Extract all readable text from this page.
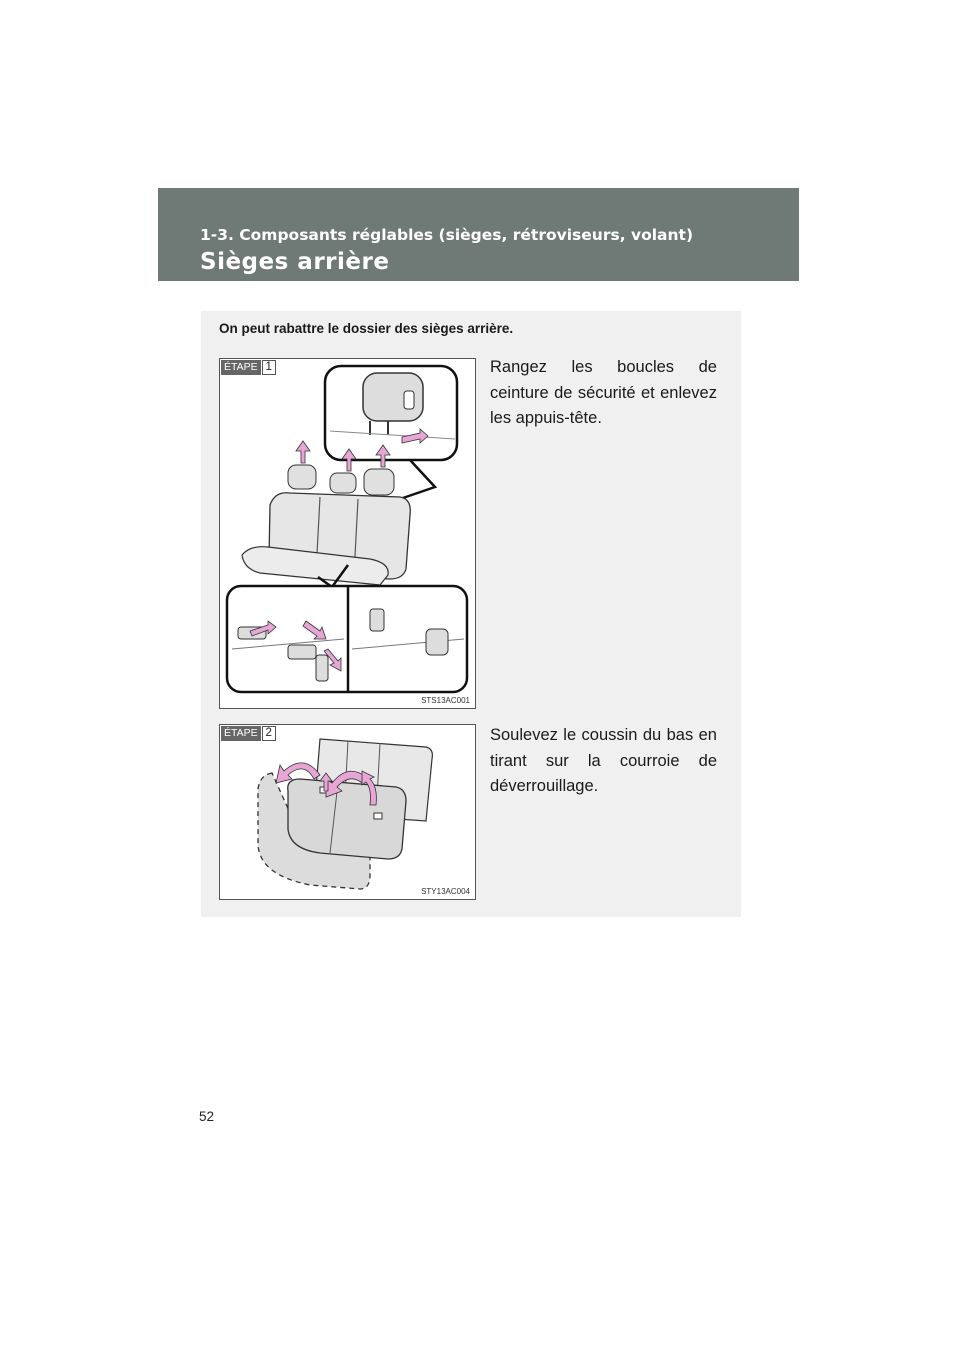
1-3. Composants réglables (sièges, rétroviseurs, volant)
Sièges arrière
On peut rabattre le dossier des sièges arrière.
ÉTAPE 1
STS13AC001
Rangez les boucles de ceinture de sécurité et enlevez les appuis-tête.
ÉTAPE 2
STY13AC004
Soulevez le coussin du bas en tirant sur la courroie de déverrouillage.
52
